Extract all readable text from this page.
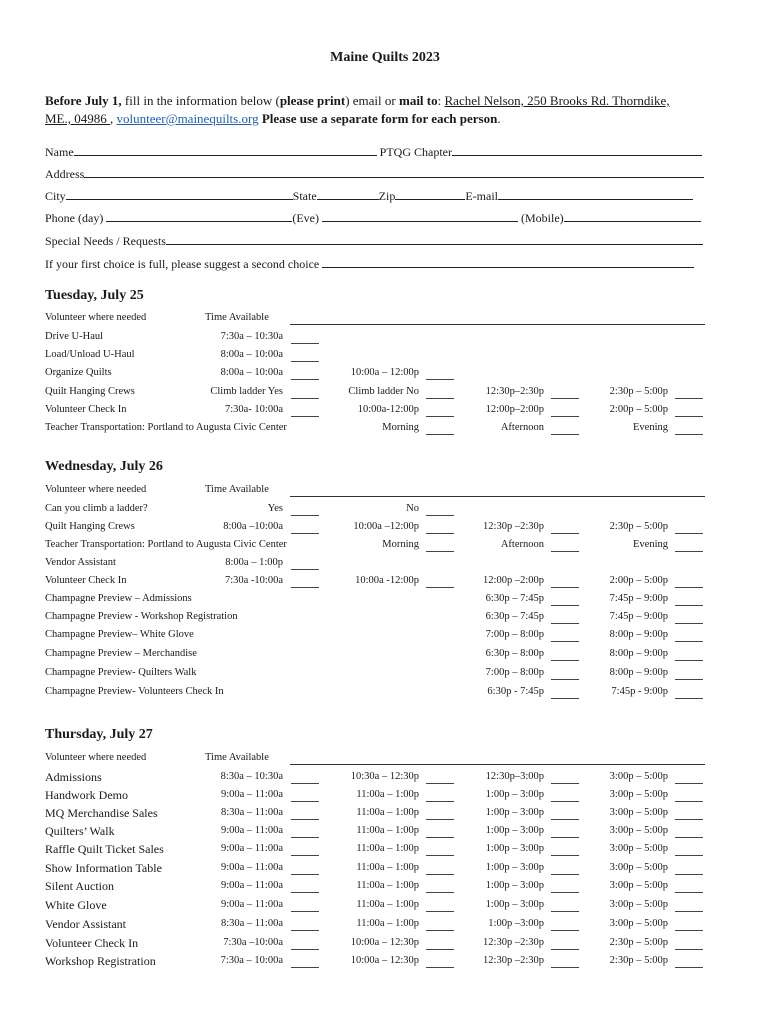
Maine Quilts 2023
Before July 1, fill in the information below (please print) email or mail to: Rachel Nelson, 250 Brooks Rd. Thorndike,
ME., 04986 , volunteer@mainequilts.org Please use a separate form for each person.
Name	PTQG Chapter
Address
City	State	Zip	E-mail
Phone (day)	(Eve)	(Mobile)
Special Needs / Requests
If your first choice is full, please suggest a second choice
Tuesday, July 25
Volunteer where needed	Time Available
Drive U-Haul	7:30a – 10:30a
Load/Unload U-Haul	8:00a – 10:00a
Organize Quilts	8:00a – 10:00a	10:00a – 12:00p
Quilt Hanging Crews	Climb ladder Yes	Climb ladder No	12:30p–2:30p	2:30p – 5:00p
Volunteer Check In	7:30a- 10:00a	10:00a-12:00p	12:00p–2:00p	2:00p – 5:00p
Teacher Transportation: Portland to Augusta Civic Center	Morning	Afternoon	Evening
Wednesday, July 26
Volunteer where needed	Time Available
Can you climb a ladder?	Yes	No
Quilt Hanging Crews	8:00a –10:00a	10:00a –12:00p	12:30p –2:30p	2:30p – 5:00p
Teacher Transportation: Portland to Augusta Civic Center	Morning	Afternoon	Evening
Vendor Assistant	8:00a – 1:00p
Volunteer Check In	7:30a -10:00a	10:00a -12:00p	12:00p –2:00p	2:00p – 5:00p
Champagne Preview – Admissions	6:30p – 7:45p	7:45p – 9:00p
Champagne Preview - Workshop Registration	6:30p – 7:45p	7:45p – 9:00p
Champagne Preview– White Glove	7:00p – 8:00p	8:00p – 9:00p
Champagne Preview – Merchandise	6:30p – 8:00p	8:00p – 9:00p
Champagne Preview- Quilters Walk	7:00p – 8:00p	8:00p – 9:00p
Champagne Preview- Volunteers Check In	6:30p - 7:45p	7:45p - 9:00p
Thursday, July 27
Volunteer where needed	Time Available
Admissions	8:30a – 10:30a	10:30a – 12:30p	12:30p–3:00p	3:00p – 5:00p
Handwork Demo	9:00a – 11:00a	11:00a – 1:00p	1:00p – 3:00p	3:00p – 5:00p
MQ Merchandise Sales	8:30a – 11:00a	11:00a – 1:00p	1:00p – 3:00p	3:00p – 5:00p
Quilters’ Walk	9:00a – 11:00a	11:00a – 1:00p	1:00p – 3:00p	3:00p – 5:00p
Raffle Quilt Ticket Sales	9:00a – 11:00a	11:00a – 1:00p	1:00p – 3:00p	3:00p – 5:00p
Show Information Table	9:00a – 11:00a	11:00a – 1:00p	1:00p – 3:00p	3:00p – 5:00p
Silent Auction	9:00a – 11:00a	11:00a – 1:00p	1:00p – 3:00p	3:00p – 5:00p
White Glove	9:00a – 11:00a	11:00a – 1:00p	1:00p – 3:00p	3:00p – 5:00p
Vendor Assistant	8:30a – 11:00a	11:00a – 1:00p	1:00p –3:00p	3:00p – 5:00p
Volunteer Check In	7:30a –10:00a	10:00a – 12:30p	12:30p –2:30p	2:30p – 5:00p
Workshop Registration	7:30a – 10:00a	10:00a – 12:30p	12:30p –2:30p	2:30p – 5:00p
